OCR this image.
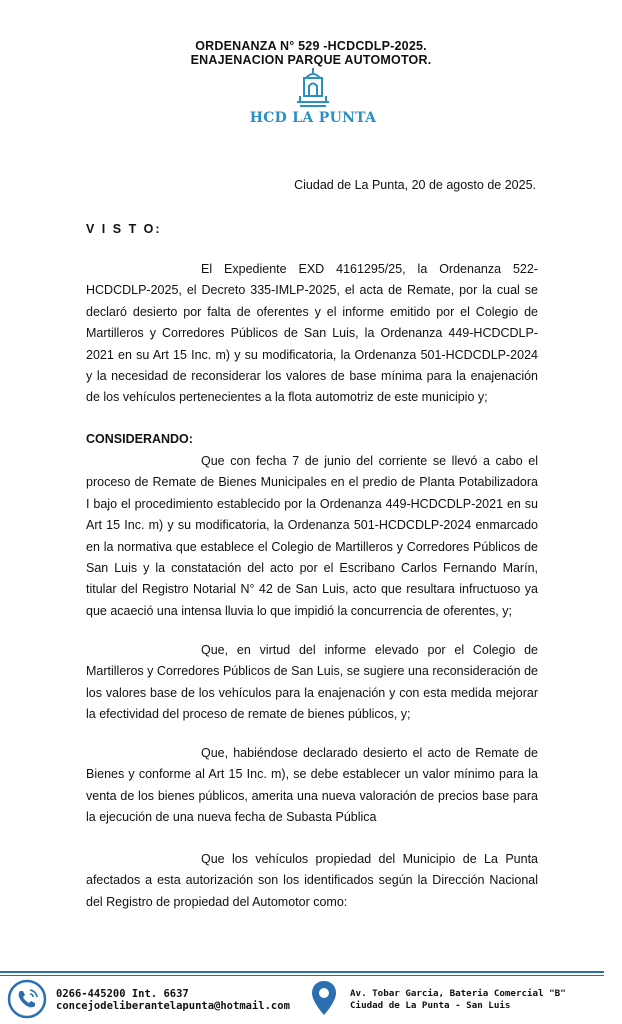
ORDENANZA N° 529 -HCDCDLP-2025.
ENAJENACION PARQUE AUTOMOTOR.
HCD LA PUNTA
Ciudad de La Punta, 20 de agosto de 2025.
V I S T O:
El Expediente EXD 4161295/25, la Ordenanza 522-HCDCDLP-2025, el Decreto 335-IMLP-2025, el acta de Remate, por la cual se declaró desierto por falta de oferentes y el informe emitido por el Colegio de Martilleros y Corredores Públicos de San Luis, la Ordenanza 449-HCDCDLP-2021 en su Art 15 Inc. m) y su modificatoria, la Ordenanza 501-HCDCDLP-2024 y la necesidad de reconsiderar los valores de base mínima para la enajenación de los vehículos pertenecientes a la flota automotriz de este municipio y;
CONSIDERANDO:
Que con fecha 7 de junio del corriente se llevó a cabo el proceso de Remate de Bienes Municipales en el predio de Planta Potabilizadora I bajo el procedimiento establecido por la Ordenanza 449-HCDCDLP-2021 en su Art 15 Inc. m) y su modificatoria, la Ordenanza 501-HCDCDLP-2024 enmarcado en la normativa que establece el Colegio de Martilleros y Corredores Públicos de San Luis y la constatación del acto por el Escribano Carlos Fernando Marín, titular del Registro Notarial N° 42 de San Luis, acto que resultara infructuoso ya que acaeció una intensa lluvia lo que impidió la concurrencia de oferentes, y;
Que, en virtud del informe elevado por el Colegio de Martilleros y Corredores Públicos de San Luis, se sugiere una reconsideración de los valores base de los vehículos para la enajenación y con esta medida mejorar la efectividad del proceso de remate de bienes públicos, y;
Que, habiéndose declarado desierto el acto de Remate de Bienes y conforme al Art 15 Inc. m), se debe establecer un valor mínimo para la venta de los bienes públicos, amerita una nueva valoración de precios base para la ejecución de una nueva fecha de Subasta Pública
Que los vehículos propiedad del Municipio de La Punta afectados a esta autorización son los identificados según la Dirección Nacional del Registro de propiedad del Automotor como:
0266-445200 Int. 6637
concejodeliberantelapunta@hotmail.com
Av. Tobar Garcia, Bateria Comercial "B"
Ciudad de La Punta - San Luis
